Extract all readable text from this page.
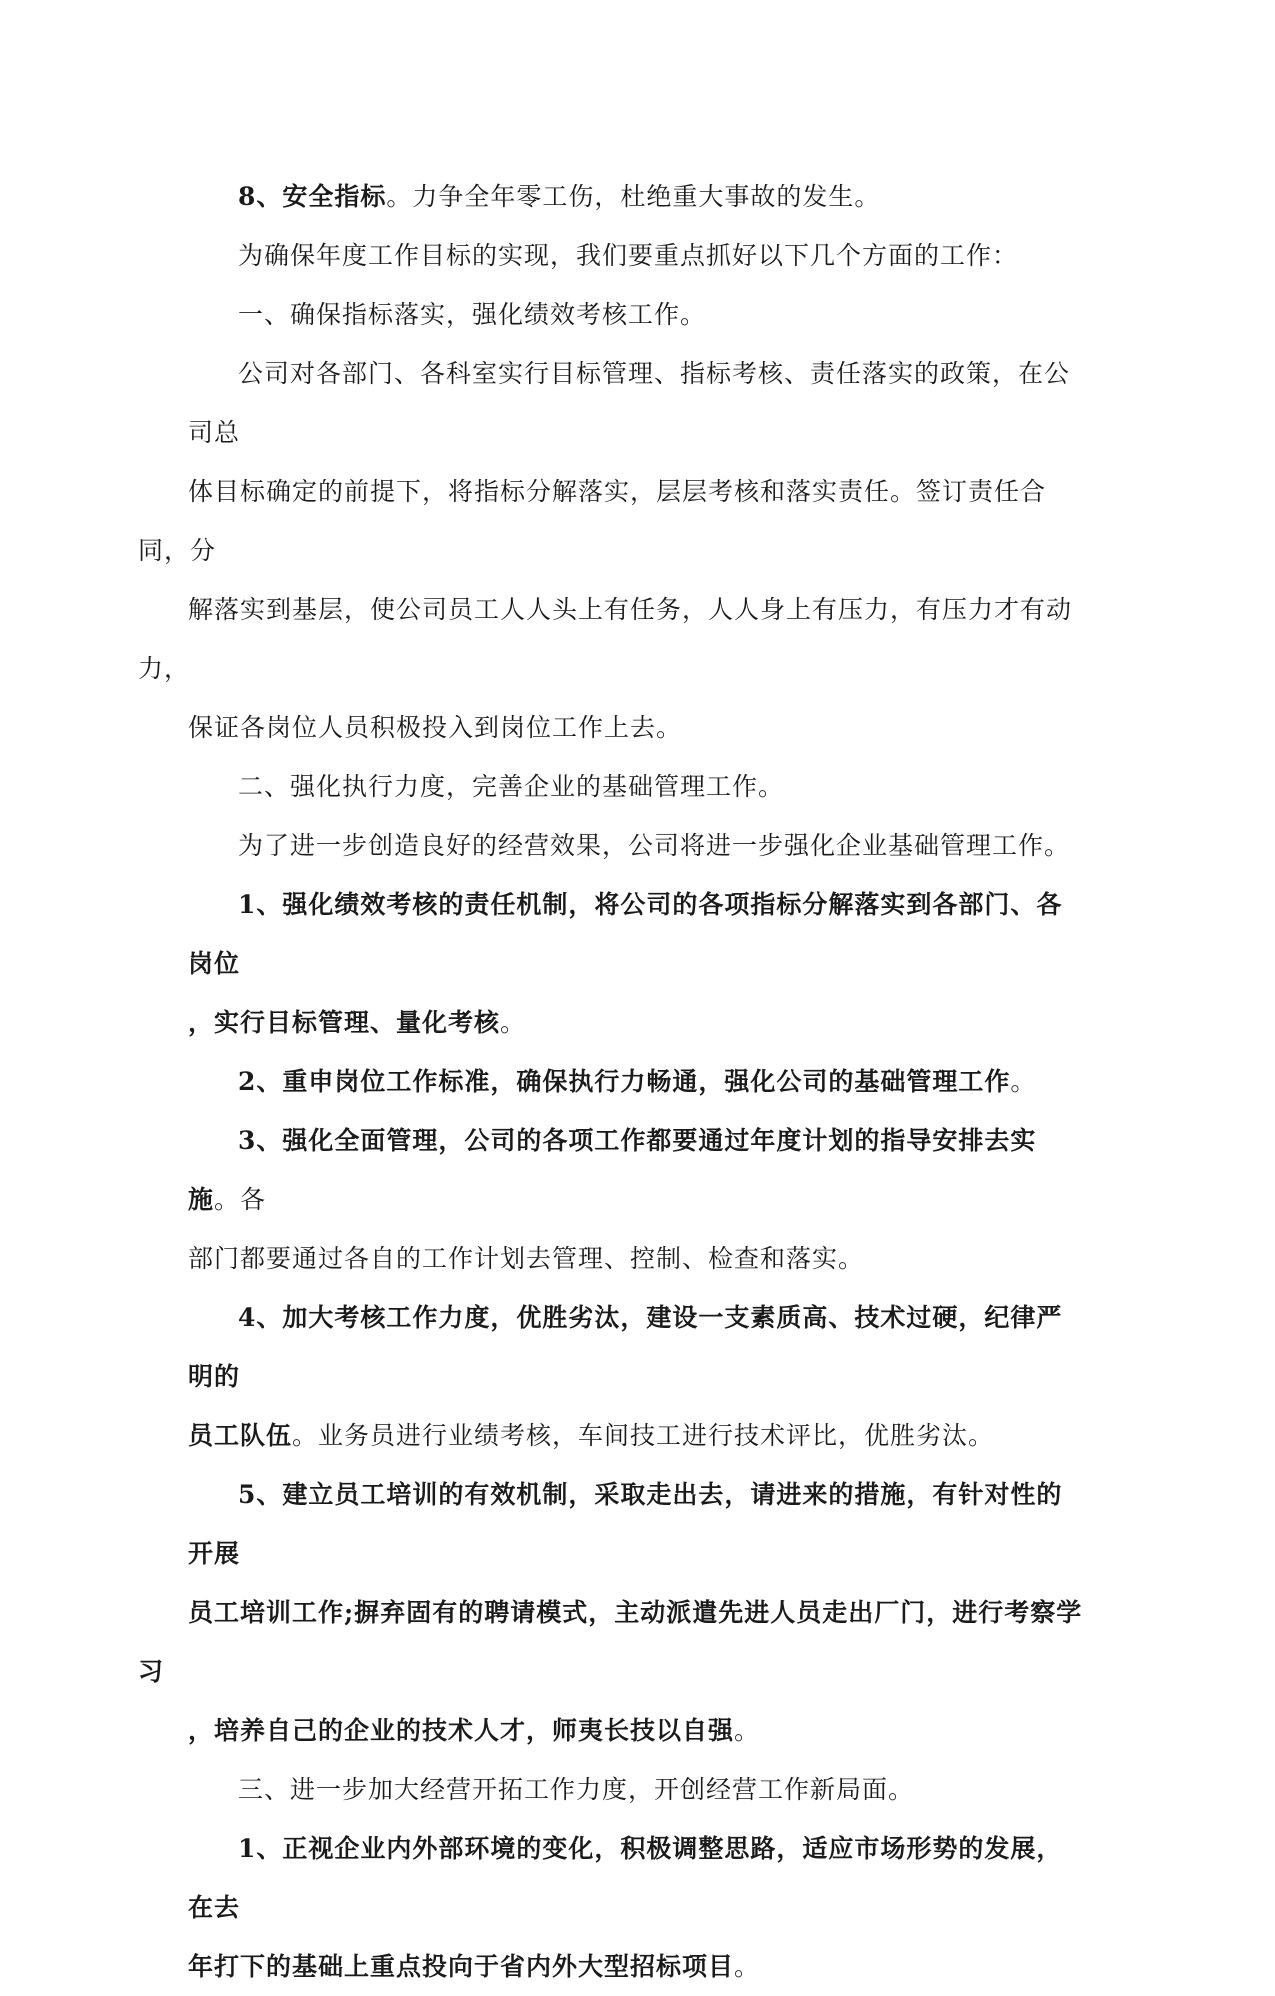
8、安全指标。力争全年零工伤，杜绝重大事故的发生。

为确保年度工作目标的实现，我们要重点抓好以下几个方面的工作：

一、确保指标落实，强化绩效考核工作。

公司对各部门、各科室实行目标管理、指标考核、责任落实的政策，在公司总
体目标确定的前提下，将指标分解落实，层层考核和落实责任。签订责任合同，分
解落实到基层，使公司员工人人头上有任务，人人身上有压力，有压力才有动力，
保证各岗位人员积极投入到岗位工作上去。

二、强化执行力度，完善企业的基础管理工作。

为了进一步创造良好的经营效果，公司将进一步强化企业基础管理工作。

1、强化绩效考核的责任机制，将公司的各项指标分解落实到各部门、各岗位
，实行目标管理、量化考核。

2、重申岗位工作标准，确保执行力畅通，强化公司的基础管理工作。

3、强化全面管理，公司的各项工作都要通过年度计划的指导安排去实施。各
部门都要通过各自的工作计划去管理、控制、检查和落实。

4、加大考核工作力度，优胜劣汰，建设一支素质高、技术过硬，纪律严明的
员工队伍。业务员进行业绩考核，车间技工进行技术评比，优胜劣汰。

5、建立员工培训的有效机制，采取走出去，请进来的措施，有针对性的开展
员工培训工作;摒弃固有的聘请模式，主动派遣先进人员走出厂门，进行考察学习
，培养自己的企业的技术人才，师夷长技以自强。

三、进一步加大经营开拓工作力度，开创经营工作新局面。

1、正视企业内外部环境的变化，积极调整思路，适应市场形势的发展，在去
年打下的基础上重点投向于省内外大型招标项目。
